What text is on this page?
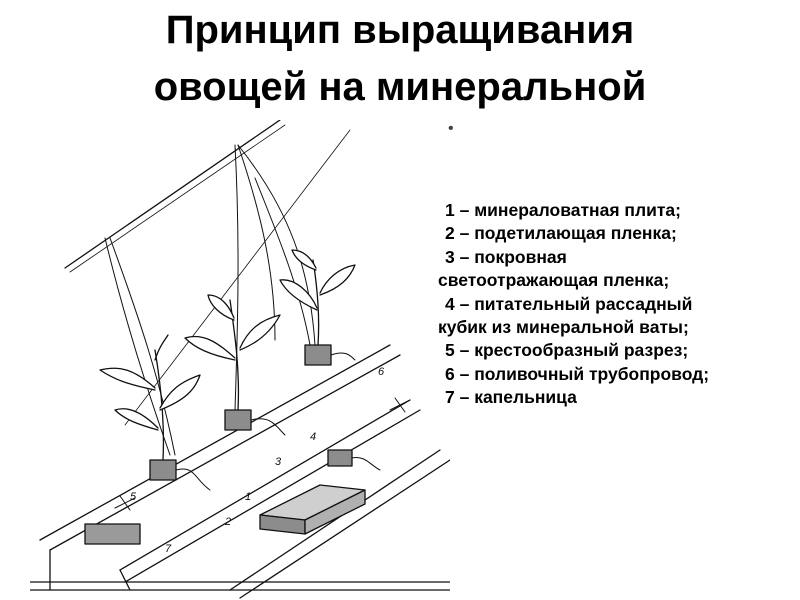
Принцип выращивания
овощей на минеральной
•
1
2
3
4
5
6
7
1 – минераловатная плита;
2 – подетилающая пленка;
3 – покровная
светоотражающая пленка;
4 – питательный рассадный
кубик из минеральной ваты;
5 – крестообразный разрез;
6 – поливочный трубопровод;
7 – капельница
